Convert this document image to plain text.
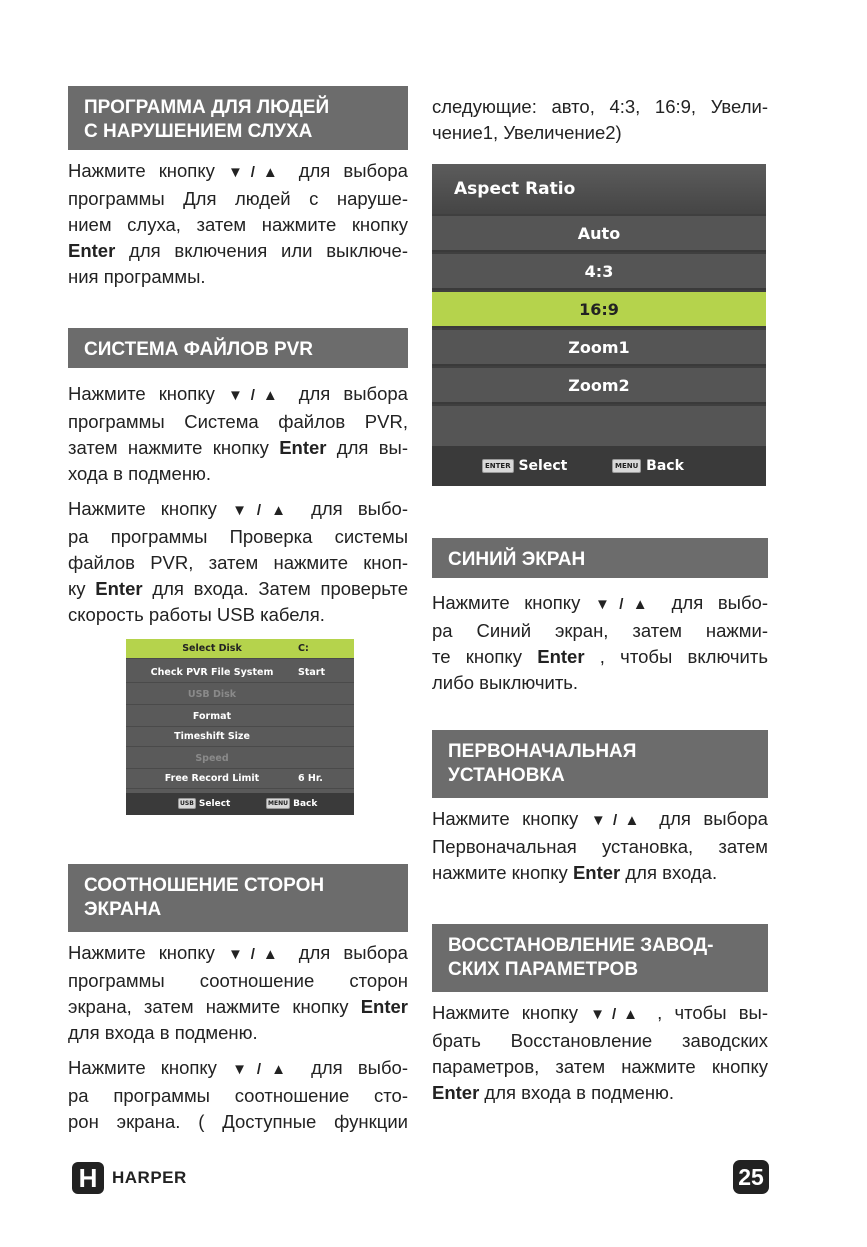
ПРОГРАММА ДЛЯ ЛЮДЕЙ
С НАРУШЕНИЕМ СЛУХА
Нажмите кнопку ▼/▲ для выбора
программы Для людей с наруше-
нием слуха, затем нажмите кнопку
Enter для включения или выключе-
ния программы.
СИСТЕМА ФАЙЛОВ PVR
Нажмите кнопку ▼/▲ для выбора
программы Система файлов PVR,
затем нажмите кнопку Enter для вы-
хода в подменю.
Нажмите кнопку ▼/▲ для выбо-
ра программы Проверка системы
файлов PVR, затем нажмите кноп-
ку Enter для входа. Затем проверьте
скорость работы USB кабеля.
Select Disk	C:
Check PVR File System	Start
USB Disk
Format
Timeshift Size
Speed
Free Record Limit	6 Hr.
USB Select	MENU Back
СООТНОШЕНИЕ СТОРОН
ЭКРАНА
Нажмите кнопку ▼/▲ для выбора
программы соотношение сторон
экрана, затем нажмите кнопку Enter
для входа в подменю.
Нажмите кнопку ▼/▲ для выбо-
ра программы соотношение сто-
рон экрана. ( Доступные функции
следующие: авто, 4:3, 16:9, Увели-
чение1, Увеличение2)
Aspect Ratio
Auto
4:3
16:9
Zoom1
Zoom2
ENTER Select	MENU Back
СИНИЙ ЭКРАН
Нажмите кнопку ▼/▲ для выбо-
ра Синий экран, затем нажми-
те кнопку Enter , чтобы включить
либо выключить.
ПЕРВОНАЧАЛЬНАЯ
УСТАНОВКА
Нажмите кнопку ▼/▲ для выбора
Первоначальная установка, затем
нажмите кнопку Enter для входа.
ВОССТАНОВЛЕНИЕ ЗАВОД-
СКИХ ПАРАМЕТРОВ
Нажмите кнопку ▼/▲ , чтобы вы-
брать Восстановление заводских
параметров, затем нажмите кнопку
Enter для входа в подменю.
H HARPER	25
